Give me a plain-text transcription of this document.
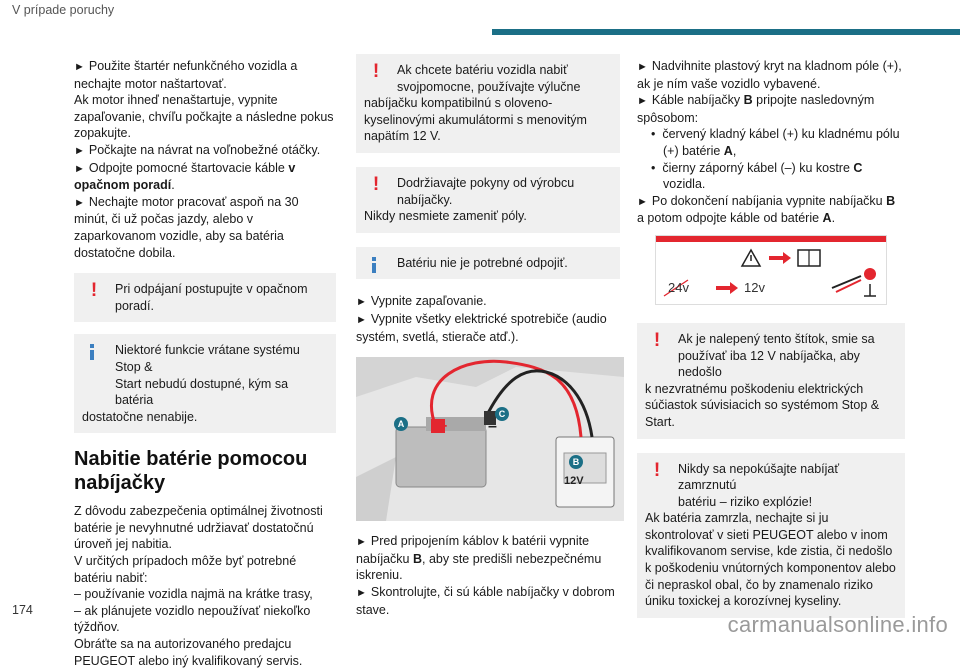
V prípade poruchy

► Použite štartér nefunkčného vozidla a nechajte motor naštartovať.

Ak motor ihneď nenaštartuje, vypnite zapaľovanie, chvíľu počkajte a následne pokus zopakujte.

► Počkajte na návrat na voľnobežné otáčky.

► Odpojte pomocné štartovacie káble v opačnom poradí.

► Nechajte motor pracovať aspoň na 30 minút, či už počas jazdy, alebo v zaparkovanom vozidle, aby sa batéria dostatočne dobila.

!	Pri odpájaní postupujte v opačnom poradí.
Niektoré funkcie vrátane systému Stop &
Start nebudú dostupné, kým sa batéria
dostatočne nenabije.
Nabitie batérie pomocou nabíjačky

Z dôvodu zabezpečenia optimálnej životnosti batérie je nevyhnutné udržiavať dostatočnú úroveň jej nabitia.

V určitých prípadoch môže byť potrebné batériu nabiť:

– používanie vozidla najmä na krátke trasy,

– ak plánujete vozidlo nepoužívať niekoľko týždňov.

Obráťte sa na autorizovaného predajcu PEUGEOT alebo iný kvalifikovaný servis.

!	Ak chcete batériu vozidla nabiť
svojpomocne, používajte výlučne
nabíjačku kompatibilnú s oloveno-kyselinovými akumulátormi s menovitým napätím 12 V.
!	Dodržiavajte pokyny od výrobcu
nabíjačky.
Nikdy nesmiete zameniť póly.
Batériu nie je potrebné odpojiť.

► Vypnite zapaľovanie.

► Vypnite všetky elektrické spotrebiče (audio systém, svetlá, stierače atď.).

A
C
B
12V
+	–

► Pred pripojením káblov k batérii vypnite nabíjačku B, aby ste predišli nebezpečnému iskreniu.

► Skontrolujte, či sú káble nabíjačky v dobrom stave.

► Nadvihnite plastový kryt na kladnom póle (+), ak je ním vaše vozidlo vybavené.

► Káble nabíjačky B pripojte nasledovným spôsobom:

•  červený kladný kábel (+) ku kladnému pólu (+) batérie A,
•  čierny záporný kábel (–) ku kostre C vozidla.

► Po dokončení nabíjania vypnite nabíjačku B a potom odpojte káble od batérie A.

24v	12v
!	Ak je nalepený tento štítok, smie sa
používať iba 12 V nabíjačka, aby nedošlo
k nezvratnému poškodeniu elektrických súčiastok súvisiacich so systémom Stop & Start.
!	Nikdy sa nepokúšajte nabíjať zamrznutú
batériu – riziko explózie!
Ak batéria zamrzla, nechajte si ju skontrolovať v sieti PEUGEOT alebo v inom kvalifikovanom servise, kde zistia, či nedošlo k poškodeniu vnútorných komponentov alebo či nepraskol obal, čo by znamenalo riziko úniku toxickej a korozívnej kyseliny.
174
carmanualsonline.info
